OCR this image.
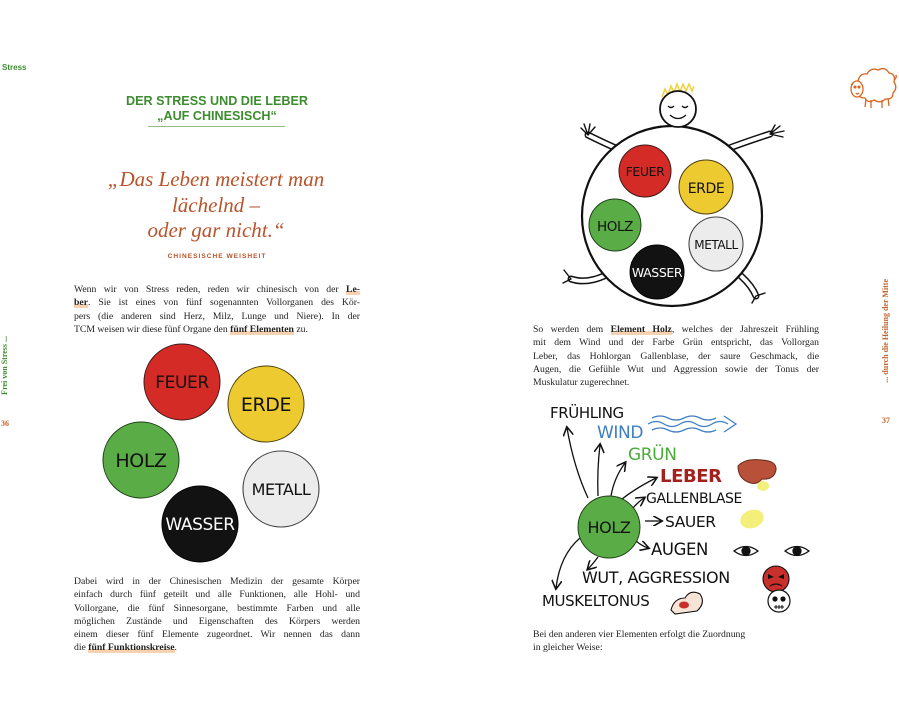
FEUER
ERDE
HOLZ
METALL
WASSER
FEUER
ERDE
HOLZ
METALL
WASSER
HOLZ
FRÜHLING
WIND
GRÜN
LEBER
GALLENBLASE
SAUER
AUGEN
WUT, AGGRESSION
MUSKELTONUS
Stress
Frei von Stress ...
36
... durch die Heilung der Mitte
37
DER STRESS UND DIE LEBER
„AUF CHINESISCH“
„Das Leben meistert man
lächelnd –
oder gar nicht.“
CHINESISCHE WEISHEIT
Wenn wir von Stress reden, reden wir chinesisch von der Le-
ber. Sie ist eines von fünf sogenannten Vollorganen des Kör-
pers (die anderen sind Herz, Milz, Lunge und Niere). In der
TCM weisen wir diese fünf Organe den fünf Elementen zu.
Dabei wird in der Chinesischen Medizin der gesamte Körper
einfach durch fünf geteilt und alle Funktionen, alle Hohl- und
Vollorgane, die fünf Sinnesorgane, bestimmte Farben und alle
möglichen Zustände und Eigenschaften des Körpers werden
einem dieser fünf Elemente zugeordnet. Wir nennen das dann
die fünf Funktionskreise.
So werden dem Element Holz, welches der Jahreszeit Frühling
mit dem Wind und der Farbe Grün entspricht, das Vollorgan
Leber, das Hohlorgan Gallenblase, der saure Geschmack, die
Augen, die Gefühle Wut und Aggression sowie der Tonus der
Muskulatur zugerechnet.
Bei den anderen vier Elementen erfolgt die Zuordnung
in gleicher Weise:
